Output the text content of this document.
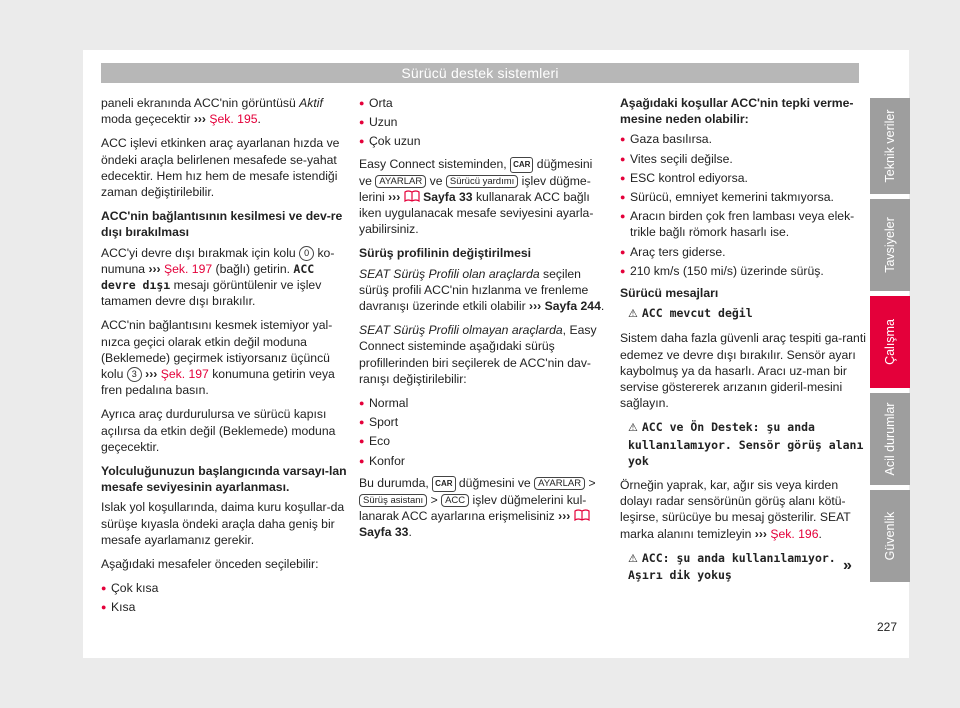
Sürücü destek sistemleri

paneli ekranında ACC'nin görüntüsü Aktif moda geçecektir ››› Şek. 195.

ACC işlevi etkinken araç ayarlanan hızda ve öndeki araçla belirlenen mesafede se-yahat edecektir. Hem hız hem de mesafe istendiği zaman değiştirilebilir.

ACC'nin bağlantısının kesilmesi ve dev-re dışı bırakılması

ACC'yi devre dışı bırakmak için kolu 0 ko-numuna ››› Şek. 197 (bağlı) getirin. ACC devre dışı mesajı görüntülenir ve işlev tamamen devre dışı bırakılır.

ACC'nin bağlantısını kesmek istemiyor yal-nızca geçici olarak etkin değil moduna (Beklemede) geçirmek istiyorsanız üçüncü kolu 3 ››› Şek. 197 konumuna getirin veya fren pedalına basın.

Ayrıca araç durdurulursa ve sürücü kapısı açılırsa da etkin değil (Beklemede) moduna geçecektir.

Yolculuğunuzun başlangıcında varsayı-lan mesafe seviyesinin ayarlanması.

Islak yol koşullarında, daima kuru koşullar-da sürüşe kıyasla öndeki araçla daha geniş bir mesafe ayarlamanız gerekir.

Aşağıdaki mesafeler önceden seçilebilir:

● Çok kısa
● Kısa
● Orta
● Uzun
● Çok uzun

Easy Connect sisteminden, CAR düğmesini ve AYARLAR ve Sürücü yardımı işlev düğme-lerini ›››  Sayfa 33 kullanarak ACC bağlı iken uygulanacak mesafe seviyesini ayarla-yabilirsiniz.

Sürüş profilinin değiştirilmesi

SEAT Sürüş Profili olan araçlarda seçilen sürüş profili ACC'nin hızlanma ve frenleme davranışı üzerinde etkili olabilir ››› Sayfa 244.

SEAT Sürüş Profili olmayan araçlarda, Easy Connect sisteminde aşağıdaki sürüş profillerinden biri seçilerek de ACC'nin dav-ranışı değiştirilebilir:

● Normal
● Sport
● Eco
● Konfor

Bu durumda, CAR düğmesini ve AYARLAR > Sürüş asistanı > ACC işlev düğmelerini kul-lanarak ACC ayarlarına erişmelisiniz ›››  Sayfa 33.

Aşağıdaki koşullar ACC'nin tepki verme-mesine neden olabilir:

● Gaza basılırsa.
● Vites seçili değilse.
● ESC kontrol ediyorsa.
● Sürücü, emniyet kemerini takmıyorsa.
● Aracın birden çok fren lambası veya elek-trikle bağlı römork hasarlı ise.
● Araç ters giderse.
● 210 km/s (150 mi/s) üzerinde sürüş.

Sürücü mesajları

⚠ ACC mevcut değil

Sistem daha fazla güvenli araç tespiti ga-ranti edemez ve devre dışı bırakılır. Sensör ayarı kaybolmuş ya da hasarlı. Aracı uz-man bir servise göstererek arızanın gideril-mesini sağlayın.

⚠ ACC ve Ön Destek: şu anda kullanılamıyor. Sensör görüş alanı yok

Örneğin yaprak, kar, ağır sis veya kirden dolayı radar sensörünün görüş alanı kötü-leşirse, sürücüye bu mesaj gösterilir. SEAT marka alanını temizleyin ››› Şek. 196.

⚠ ACC: şu anda kullanılamıyor. Aşırı dik yokuş

»
Teknik veriler
Tavsiyeler
Çalışma
Acil durumlar
Güvenlik
227
